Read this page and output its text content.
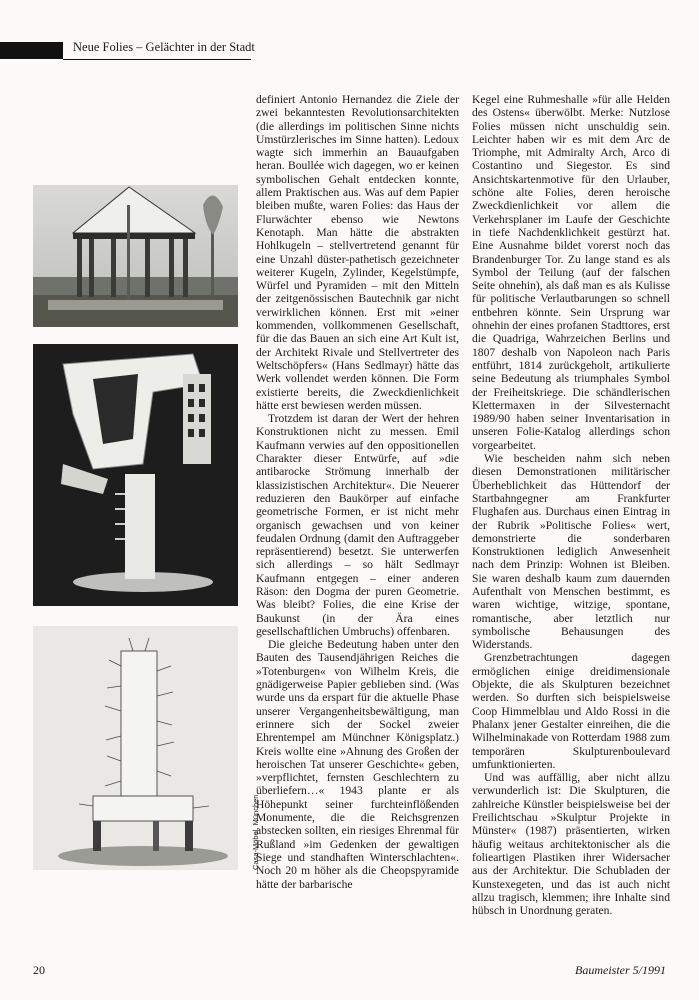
Neue Folies – Gelächter in der Stadt
Casa-Möbel, München

definiert Antonio Hernandez die Ziele der zwei bekanntesten Revolutionsarchitekten (die allerdings im politischen Sinne nichts Umstürzlerisches im Sinne hatten). Ledoux wagte sich immerhin an Bauaufgaben heran. Boullée wich dagegen, wo er keinen symbolischen Gehalt entdecken konnte, allem Praktischen aus. Was auf dem Papier bleiben mußte, waren Folies: das Haus der Flurwächter ebenso wie Newtons Kenotaph. Man hätte die abstrakten Hohlkugeln – stellvertretend genannt für eine Unzahl düster-pathetisch gezeichneter weiterer Kugeln, Zylinder, Kegelstümpfe, Würfel und Pyramiden – mit den Mitteln der zeitgenössischen Bautechnik gar nicht verwirklichen können. Erst mit »einer kommenden, vollkommenen Gesellschaft, für die das Bauen an sich eine Art Kult ist, der Architekt Rivale und Stellvertreter des Weltschöpfers« (Hans Sedlmayr) hätte das Werk vollendet werden können. Die Form existierte bereits, die Zweckdienlichkeit hätte erst bewiesen werden müssen.

Trotzdem ist daran der Wert der hehren Konstruktionen nicht zu messen. Emil Kaufmann verwies auf den oppositionellen Charakter dieser Entwürfe, auf »die antibarocke Strömung innerhalb der klassizistischen Architektur«. Die Neuerer reduzieren den Baukörper auf einfache geometrische Formen, er ist nicht mehr organisch gewachsen und von keiner feudalen Ordnung (damit den Auftraggeber repräsentierend) besetzt. Sie unterwerfen sich allerdings – so hält Sedlmayr Kaufmann entgegen – einer anderen Räson: den Dogma der puren Geometrie. Was bleibt? Folies, die eine Krise der Baukunst (in der Ära eines gesellschaftlichen Umbruchs) offenbaren.

Die gleiche Bedeutung haben unter den Bauten des Tausendjährigen Reiches die »Totenburgen« von Wilhelm Kreis, die gnädigerweise Papier geblieben sind. (Was wurde uns da erspart für die aktuelle Phase unserer Vergangenheitsbewältigung, man erinnere sich der Sockel zweier Ehrentempel am Münchner Königsplatz.) Kreis wollte eine »Ahnung des Großen der heroischen Tat unserer Geschichte« geben, »verpflichtet, fernsten Geschlechtern zu überliefern…« 1943 plante er als Höhepunkt seiner furchteinflößenden Monumente, die die Reichsgrenzen abstecken sollten, ein riesiges Ehrenmal für Rußland »im Gedenken der gewaltigen Siege und standhaften Winterschlachten«. Noch 20 m höher als die Cheopspyramide hätte der barbarische

Kegel eine Ruhmeshalle »für alle Helden des Ostens« überwölbt. Merke: Nutzlose Folies müssen nicht unschuldig sein. Leichter haben wir es mit dem Arc de Triomphe, mit Admiralty Arch, Arco di Costantino und Siegestor. Es sind Ansichtskartenmotive für den Urlauber, schöne alte Folies, deren heroische Zweckdienlichkeit vor allem die Verkehrsplaner im Laufe der Geschichte in tiefe Nachdenklichkeit gestürzt hat. Eine Ausnahme bildet vorerst noch das Brandenburger Tor. Zu lange stand es als Symbol der Teilung (auf der falschen Seite ohnehin), als daß man es als Kulisse für politische Verlautbarungen so schnell entbehren könnte. Sein Ursprung war ohnehin der eines profanen Stadttores, erst die Quadriga, Wahrzeichen Berlins und 1807 deshalb von Napoleon nach Paris entführt, 1814 zurückgeholt, artikulierte seine Bedeutung als triumphales Symbol der Freiheitskriege. Die schändlerischen Klettermaxen in der Silvesternacht 1989/90 haben seiner Inventarisation in unseren Folie-Katalog allerdings schon vorgearbeitet.

Wie bescheiden nahm sich neben diesen Demonstrationen militärischer Überheblichkeit das Hüttendorf der Startbahngegner am Frankfurter Flughafen aus. Durchaus einen Eintrag in der Rubrik »Politische Folies« wert, demonstrierte die sonderbaren Konstruktionen lediglich Anwesenheit nach dem Prinzip: Wohnen ist Bleiben. Sie waren deshalb kaum zum dauernden Aufenthalt von Menschen bestimmt, es waren wichtige, witzige, spontane, romantische, aber letztlich nur symbolische Behausungen des Widerstands.

Grenzbetrachtungen dagegen ermöglichen einige dreidimensionale Objekte, die als Skulpturen bezeichnet werden. So durften sich beispielsweise Coop Himmelblau und Aldo Rossi in die Phalanx jener Gestalter einreihen, die die Wilhelminakade von Rotterdam 1988 zum temporären Skulpturenboulevard umfunktionierten.

Und was auffällig, aber nicht allzu verwunderlich ist: Die Skulpturen, die zahlreiche Künstler beispielsweise bei der Freilichtschau »Skulptur Projekte in Münster« (1987) präsentierten, wirken häufig weitaus architektonischer als die folieartigen Plastiken ihrer Widersacher aus der Architektur. Die Schubladen der Kunstexegeten, und das ist auch nicht allzu tragisch, klemmen; ihre Inhalte sind hübsch in Unordnung geraten.

20	Baumeister 5/1991
